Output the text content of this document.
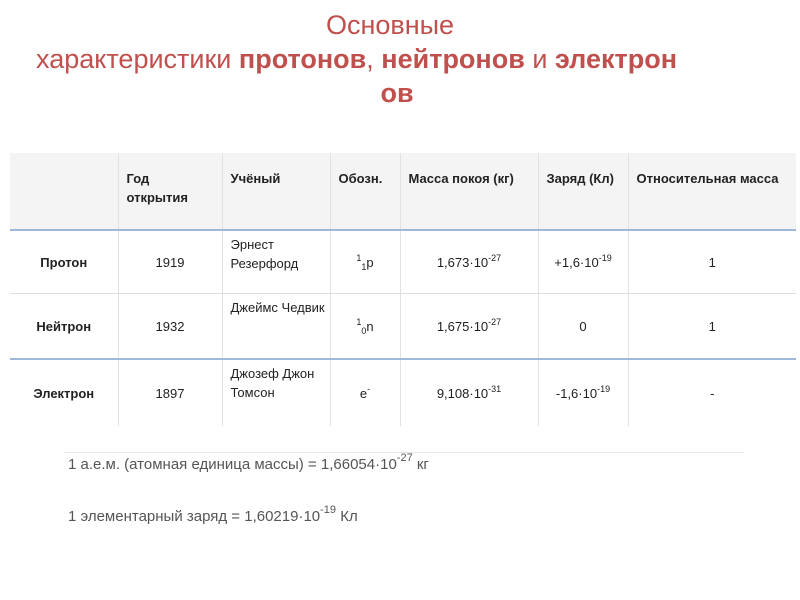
Основные
характеристики протонов, нейтронов и электрон
ов
	Год открытия	Учёный	Обозн.	Масса покоя (кг)	Заряд (Кл)	Относительная масса
Протон	1919	Эрнест Резерфорд	$^1_1$p	$1,673\cdot 10^{-27}$	$+1,6\cdot 10^{-19}$	1
Нейтрон	1932	Джеймс Чедвик	$^1_0$n	$1,675\cdot 10^{-27}$	0	1
Электрон	1897	Джозеф Джон Томсон	e-	$9,108\cdot 10^{-31}$	$-1,6\cdot 10^{-19}$	-
1 а.е.м. (атомная единица массы) = $1,66054\cdot 10^{-27}$ кг
1 элементарный заряд = $1,60219\cdot 10^{-19}$ Кл
